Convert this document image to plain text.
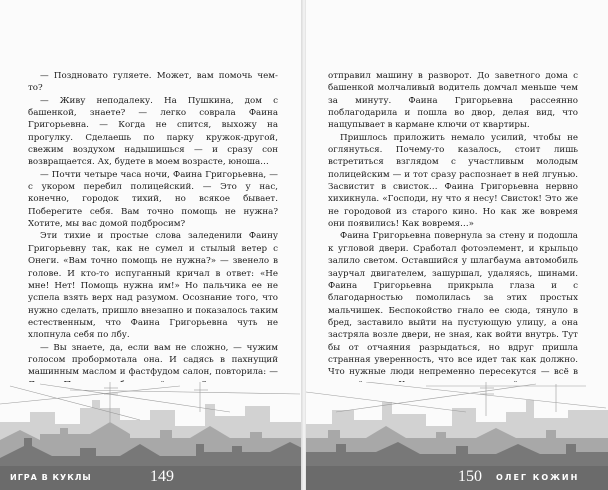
— Поздновато гуляете. Может, вам помочь чем-то?

— Живу неподалеку. На Пушкина, дом с башенкой, знаете? — легко соврала Фаина Григорьевна. — Когда не спится, выхожу на прогулку. Сделаешь по парку кружок-другой, свежим воздухом надышишься — и сразу сон возвращается. Ах, будете в моем возрасте, юноша…

— Почти четыре часа ночи, Фаина Григорьевна, — с укором перебил полицейский. — Это у нас, конечно, городок тихий, но всякое бывает. Поберегите себя. Вам точно помощь не нужна? Хотите, мы вас домой подбросим?

Эти тихие и простые слова заледенили Фаину Григорьевну так, как не сумел и стылый ветер с Онеги. «Вам точно помощь не нужна?» — звенело в голове. И кто-то испуганный кричал в ответ: «Не мне! Нет! Помощь нужна им!» Но пальчика ее не успела взять верх над разумом. Осознание того, что нужно сделать, пришло внезапно и показалось таким естественным, что Фаина Григорьевна чуть не хлопнула себя по лбу.

— Вы знаете, да, если вам не сложно, — чужим голосом пробормотала она. И садясь в пахнущий машинным маслом и фастфудом салон, повторила: —

ИГРА В КУКЛЫ	149

отправил машину в разворот. До заветного дома с башенкой молчаливый водитель домчал меньше чем за минуту. Фаина Григорьевна рассеянно поблагодарила и пошла во двор, делая вид, что нащупывает в кармане ключи от квартиры.

Пришлось приложить немало усилий, чтобы не оглянуться. Почему-то казалось, стоит лишь встретиться взглядом с участливым молодым полицейским — и тот сразу распознает в ней лгунью. Засвистит в свисток… Фаина Григорьевна нервно хихикнула. «Господи, ну что я несу! Свисток! Это же не городовой из старого кино. Но как же вовремя они появились! Как вовремя…»

Фаина Григорьевна повернула за стену и подошла к угловой двери. Сработал фотоэлемент, и крыльцо залило светом. Оставшийся у шлагбаума автомобиль заурчал двигателем, зашуршал, удаляясь, шинами. Фаина Григорьевна прикрыла глаза и с благодарностью помолилась за этих простых мальчишек. Беспокойство гнало ее сюда, тянуло в бред, заставило выйти на пустующую улицу, а она застряла возле двери, не зная, как войти внутрь. Тут бы от отчаяния разрыдаться, но вдруг пришла странная уверенность, что все идет так как должно. Что нужные люди непременно пересекутся — всё в

150 ОЛЕГ КОЖИН
